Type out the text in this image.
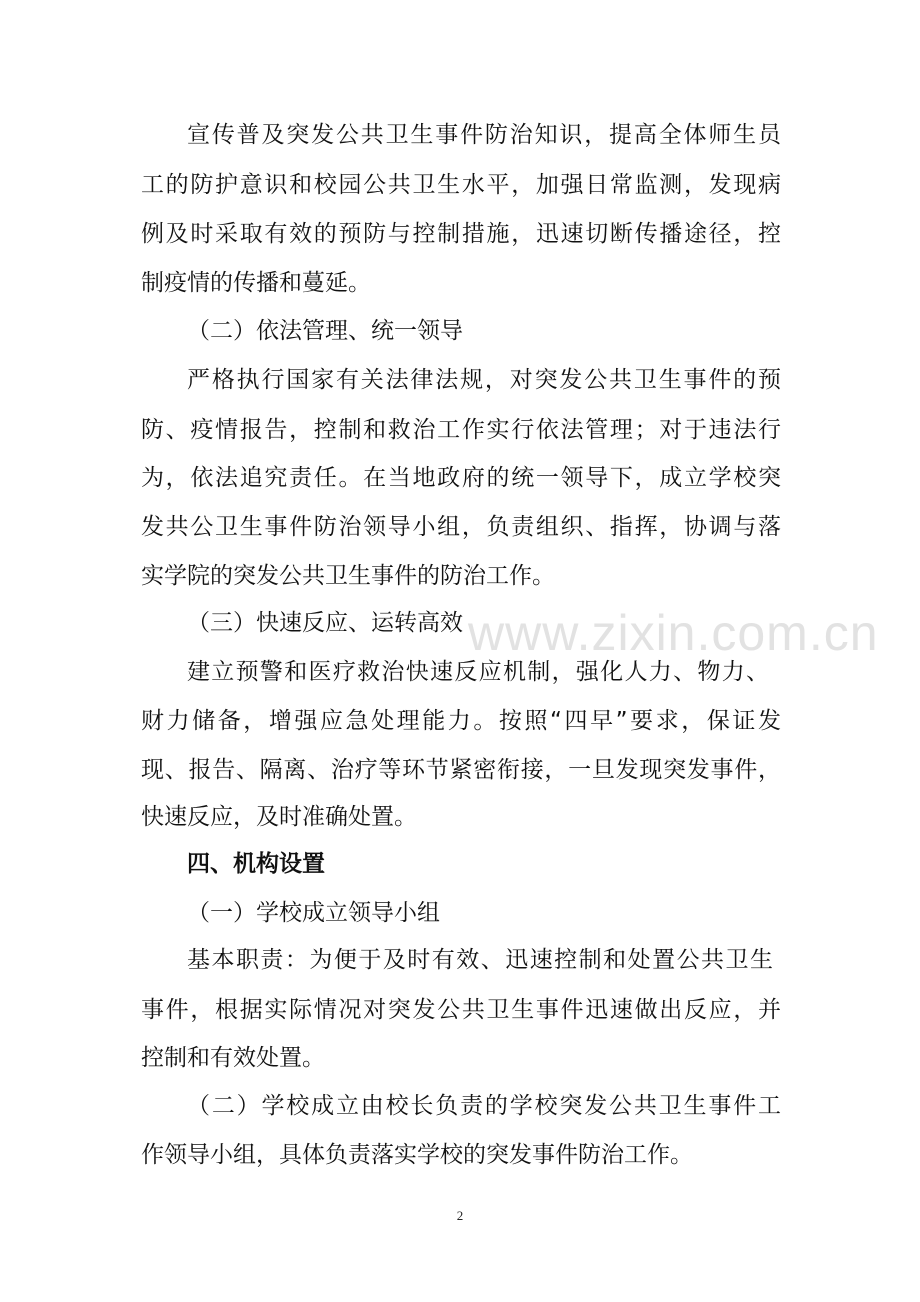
www.zixin.com.cn
宣传普及突发公共卫生事件防治知识，提高全体师生员
工的防护意识和校园公共卫生水平，加强日常监测，发现病
例及时采取有效的预防与控制措施，迅速切断传播途径，控
制疫情的传播和蔓延。
（二）依法管理、统一领导
严格执行国家有关法律法规，对突发公共卫生事件的预
防、疫情报告，控制和救治工作实行依法管理；对于违法行
为，依法追究责任。在当地政府的统一领导下，成立学校突
发共公卫生事件防治领导小组，负责组织、指挥，协调与落
实学院的突发公共卫生事件的防治工作。
（三）快速反应、运转高效
建立预警和医疗救治快速反应机制，强化人力、物力、
财力储备，增强应急处理能力。按照“四早”要求，保证发
现、报告、隔离、治疗等环节紧密衔接，一旦发现突发事件，
快速反应，及时准确处置。
四、机构设置
（一）学校成立领导小组
基本职责：为便于及时有效、迅速控制和处置公共卫生
事件，根据实际情况对突发公共卫生事件迅速做出反应，并
控制和有效处置。
（二）学校成立由校长负责的学校突发公共卫生事件工
作领导小组，具体负责落实学校的突发事件防治工作。
2
